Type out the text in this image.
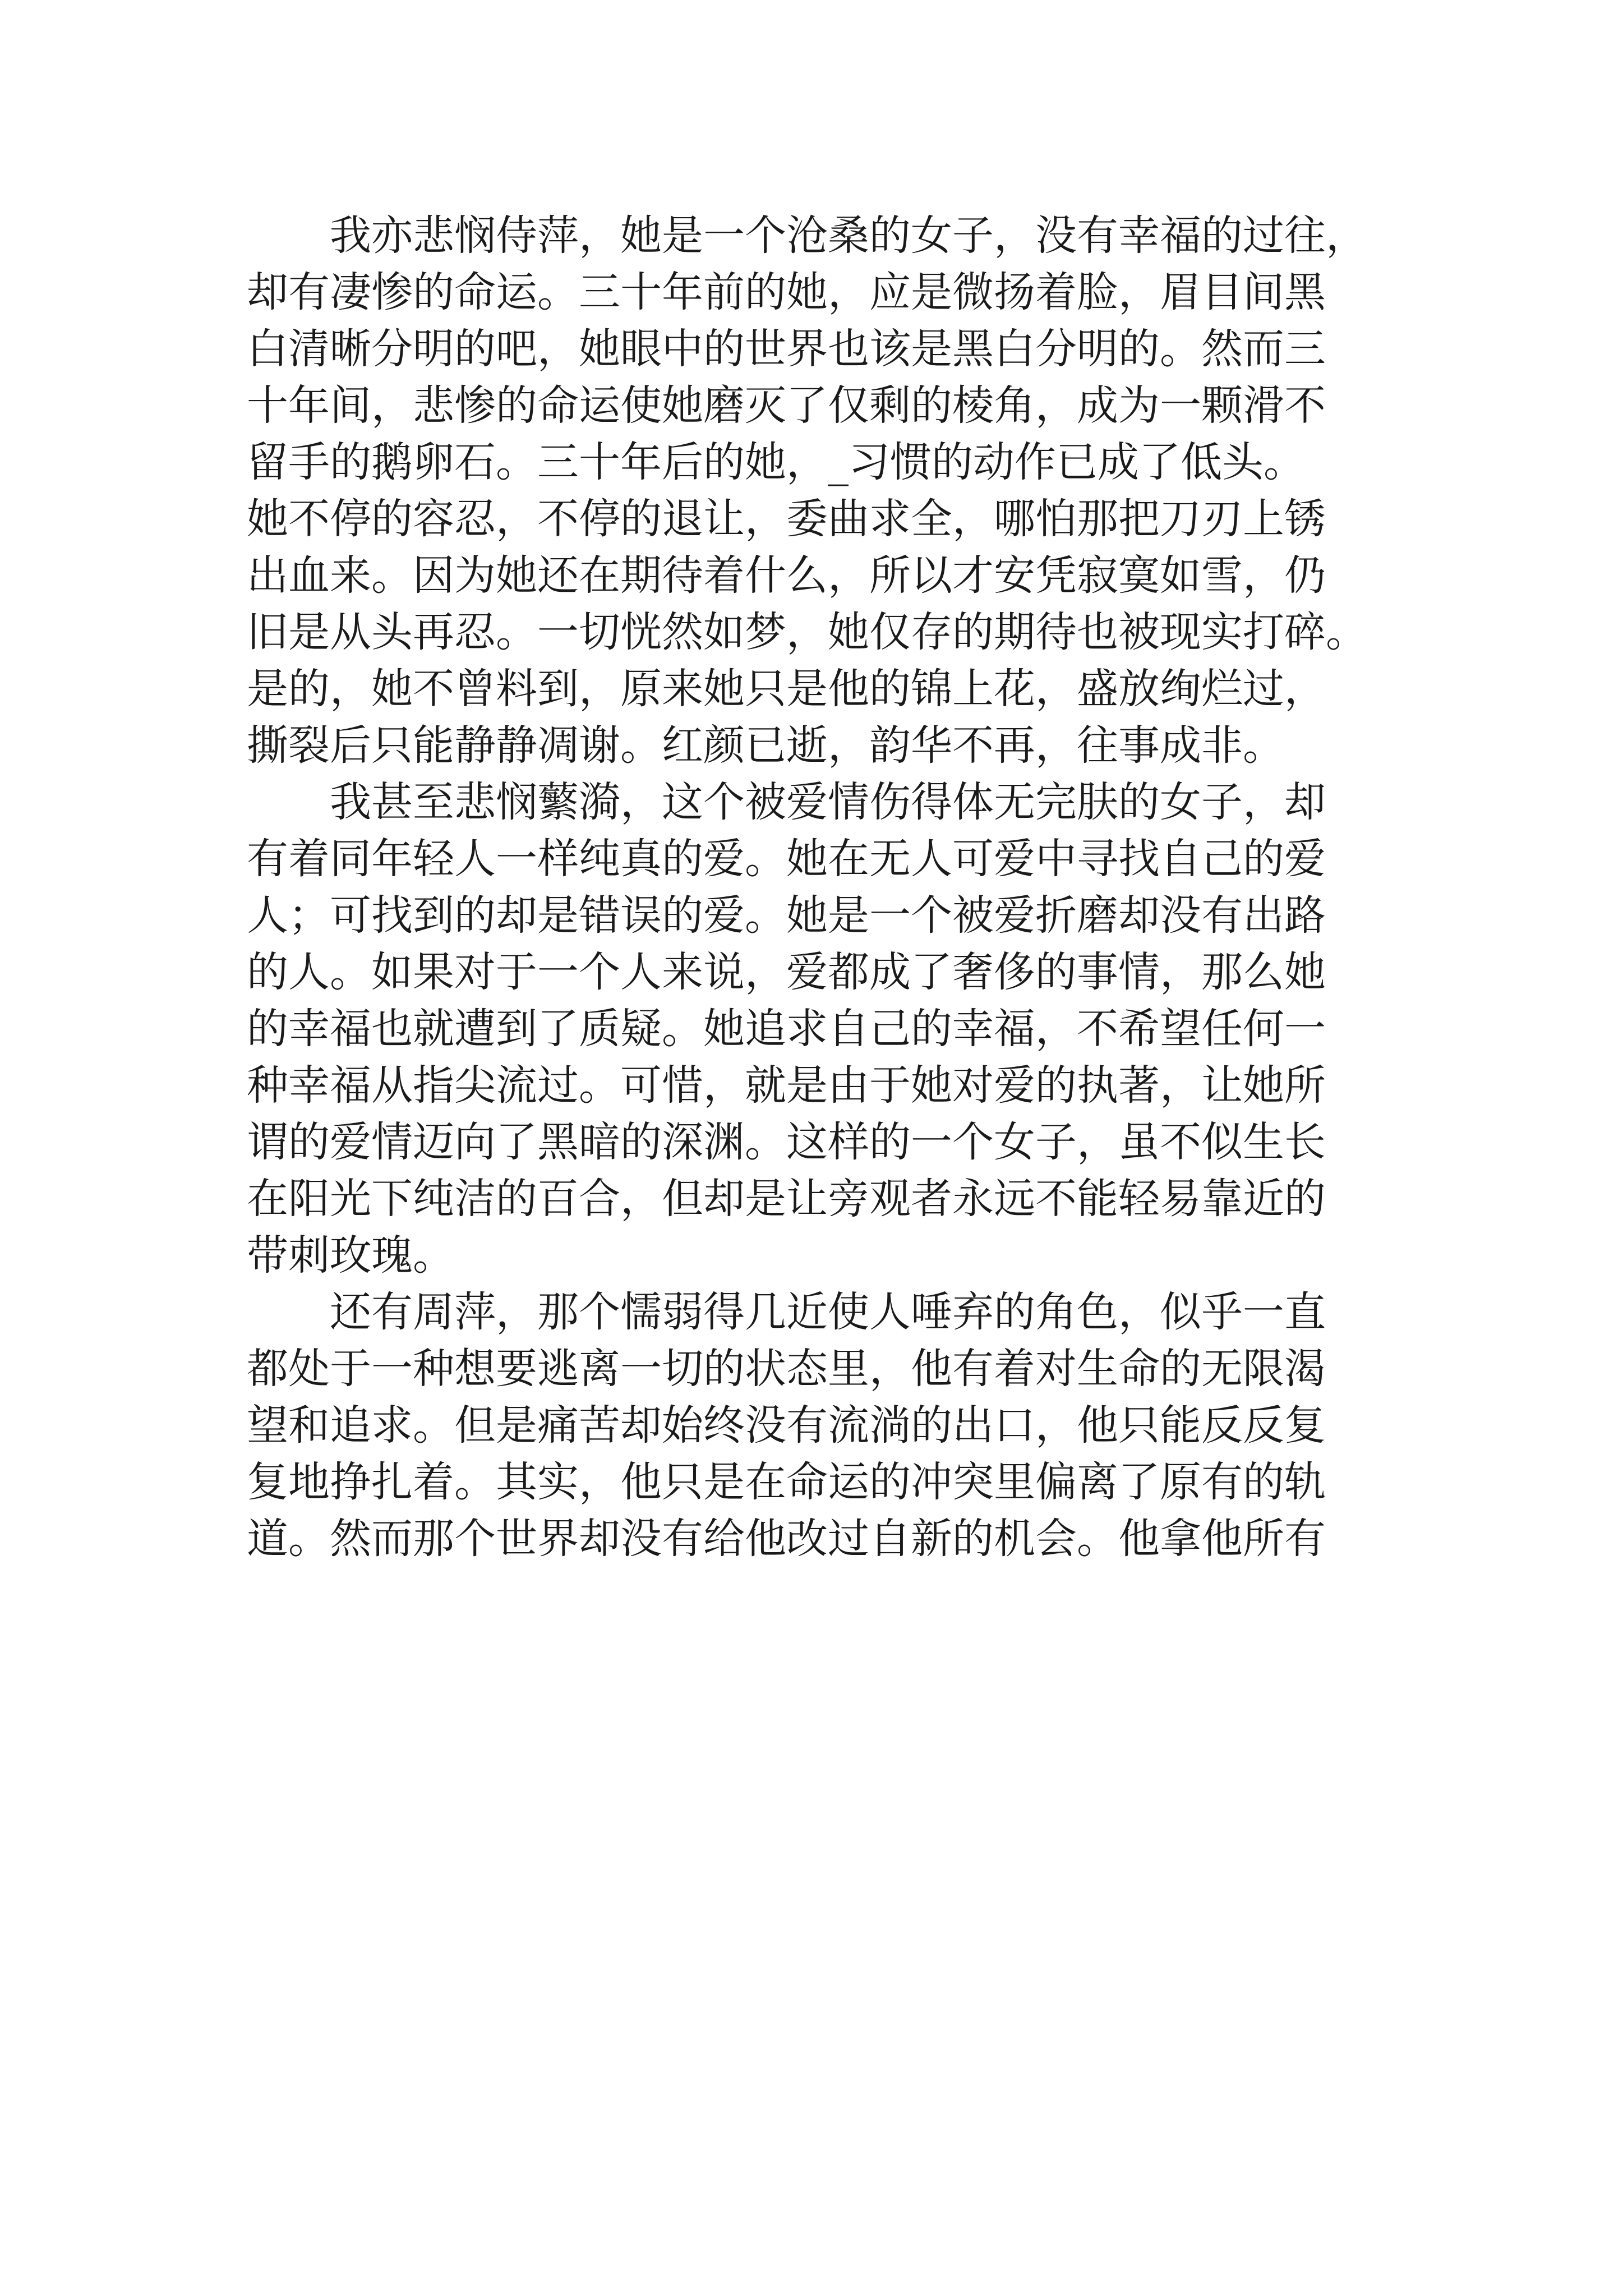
　　我亦悲悯侍萍，她是一个沧桑的女子，没有幸福的过往，
却有凄惨的命运。三十年前的她，应是微扬着脸，眉目间黑
白清晰分明的吧，她眼中的世界也该是黑白分明的。然而三
十年间，悲惨的命运使她磨灭了仅剩的棱角，成为一颗滑不
留手的鹅卵石。三十年后的她，_习惯的动作已成了低头。
她不停的容忍，不停的退让，委曲求全，哪怕那把刀刃上锈
出血来。因为她还在期待着什么，所以才安凭寂寞如雪，仍
旧是从头再忍。一切恍然如梦，她仅存的期待也被现实打碎。
是的，她不曾料到，原来她只是他的锦上花，盛放绚烂过，
撕裂后只能静静凋谢。红颜已逝，韵华不再，往事成非。
　　我甚至悲悯蘩漪，这个被爱情伤得体无完肤的女子，却
有着同年轻人一样纯真的爱。她在无人可爱中寻找自己的爱
人；可找到的却是错误的爱。她是一个被爱折磨却没有出路
的人。如果对于一个人来说，爱都成了奢侈的事情，那么她
的幸福也就遭到了质疑。她追求自己的幸福，不希望任何一
种幸福从指尖流过。可惜，就是由于她对爱的执著，让她所
谓的爱情迈向了黑暗的深渊。这样的一个女子，虽不似生长
在阳光下纯洁的百合，但却是让旁观者永远不能轻易靠近的
带刺玫瑰。
　　还有周萍，那个懦弱得几近使人唾弃的角色，似乎一直
都处于一种想要逃离一切的状态里，他有着对生命的无限渴
望和追求。但是痛苦却始终没有流淌的出口，他只能反反复
复地挣扎着。其实，他只是在命运的冲突里偏离了原有的轨
道。然而那个世界却没有给他改过自新的机会。他拿他所有
